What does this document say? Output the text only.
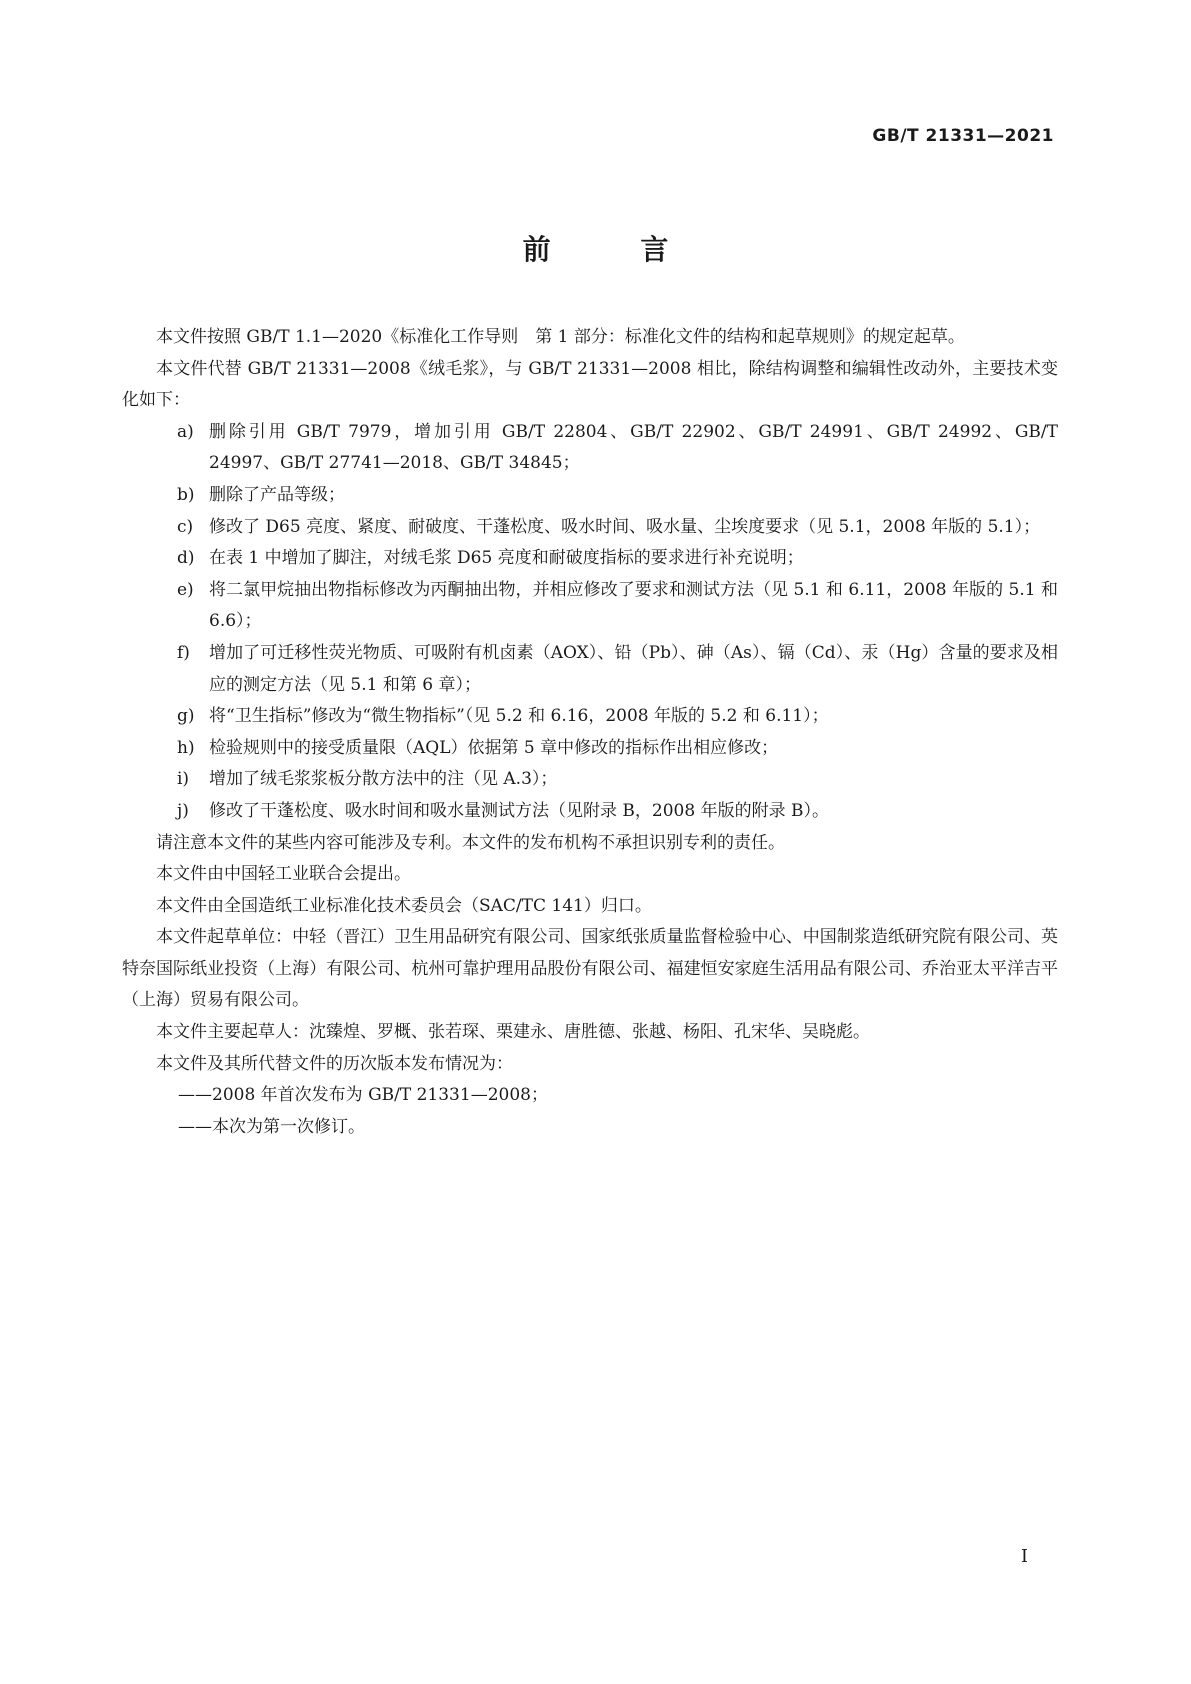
GB/T 21331—2021
前 言

本文件按照 GB/T 1.1—2020《标准化工作导则　第 1 部分：标准化文件的结构和起草规则》的规定起草。

本文件代替 GB/T 21331—2008《绒毛浆》，与 GB/T 21331—2008 相比，除结构调整和编辑性改动外，主要技术变化如下：

a) 删除引用 GB/T 7979，增加引用 GB/T 22804、GB/T 22902、GB/T 24991、GB/T 24992、GB/T 24997、GB/T 27741—2018、GB/T 34845；

b) 删除了产品等级；

c) 修改了 D65 亮度、紧度、耐破度、干蓬松度、吸水时间、吸水量、尘埃度要求（见 5.1，2008 年版的 5.1）；

d) 在表 1 中增加了脚注，对绒毛浆 D65 亮度和耐破度指标的要求进行补充说明；

e) 将二氯甲烷抽出物指标修改为丙酮抽出物，并相应修改了要求和测试方法（见 5.1 和 6.11，2008 年版的 5.1 和 6.6）；

f) 增加了可迁移性荧光物质、可吸附有机卤素（AOX）、铅（Pb）、砷（As）、镉（Cd）、汞（Hg）含量的要求及相应的测定方法（见 5.1 和第 6 章）；

g) 将“卫生指标”修改为“微生物指标”（见 5.2 和 6.16，2008 年版的 5.2 和 6.11）；

h) 检验规则中的接受质量限（AQL）依据第 5 章中修改的指标作出相应修改；

i) 增加了绒毛浆浆板分散方法中的注（见 A.3）；

j) 修改了干蓬松度、吸水时间和吸水量测试方法（见附录 B，2008 年版的附录 B）。

请注意本文件的某些内容可能涉及专利。本文件的发布机构不承担识别专利的责任。

本文件由中国轻工业联合会提出。

本文件由全国造纸工业标准化技术委员会（SAC/TC 141）归口。

本文件起草单位：中轻（晋江）卫生用品研究有限公司、国家纸张质量监督检验中心、中国制浆造纸研究院有限公司、英特奈国际纸业投资（上海）有限公司、杭州可靠护理用品股份有限公司、福建恒安家庭生活用品有限公司、乔治亚太平洋吉平（上海）贸易有限公司。

本文件主要起草人：沈臻煌、罗概、张若琛、栗建永、唐胜德、张越、杨阳、孔宋华、吴晓彪。

本文件及其所代替文件的历次版本发布情况为：

——2008 年首次发布为 GB/T 21331—2008；

——本次为第一次修订。

I
